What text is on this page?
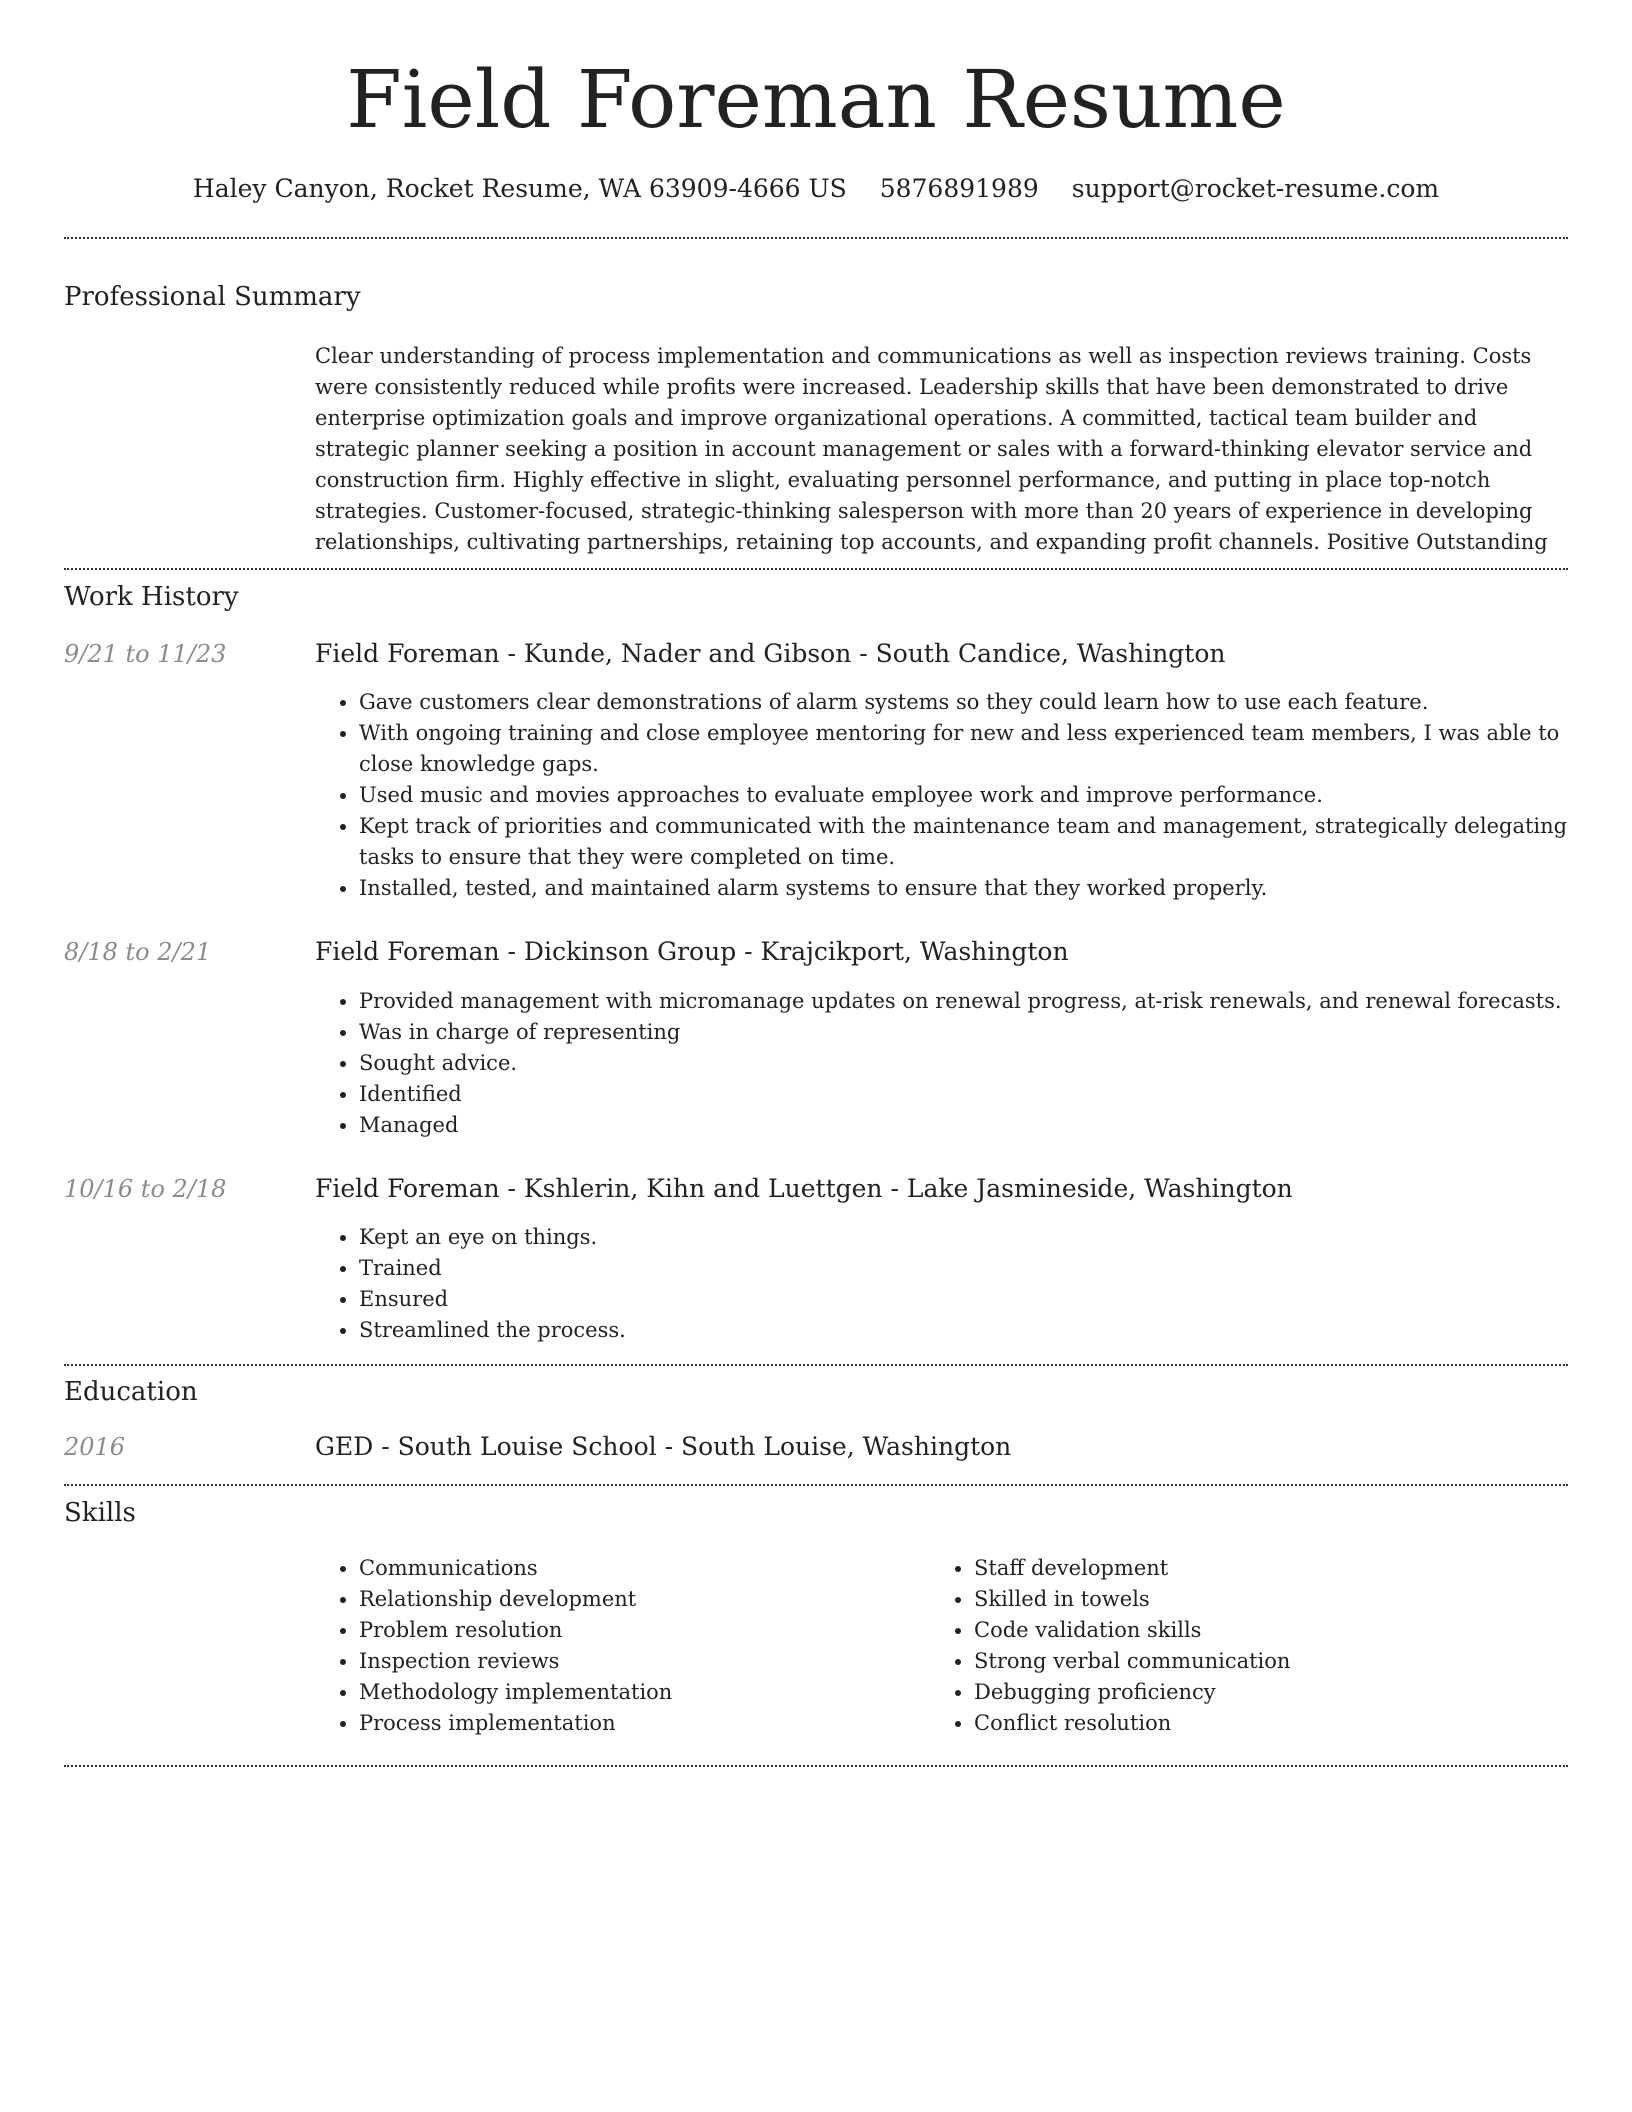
Field Foreman Resume
Haley Canyon, Rocket Resume, WA 63909-4666 US 5876891989 support@rocket-resume.com
Professional Summary
Clear understanding of process implementation and communications as well as inspection reviews training. Costs were consistently reduced while profits were increased. Leadership skills that have been demonstrated to drive enterprise optimization goals and improve organizational operations. A committed, tactical team builder and strategic planner seeking a position in account management or sales with a forward-thinking elevator service and construction firm. Highly effective in slight, evaluating personnel performance, and putting in place top-notch strategies. Customer-focused, strategic-thinking salesperson with more than 20 years of experience in developing relationships, cultivating partnerships, retaining top accounts, and expanding profit channels. Positive Outstanding
Work History
9/21 to 11/23	Field Foreman - Kunde, Nader and Gibson - South Candice, Washington
• Gave customers clear demonstrations of alarm systems so they could learn how to use each feature.
• With ongoing training and close employee mentoring for new and less experienced team members, I was able to close knowledge gaps.
• Used music and movies approaches to evaluate employee work and improve performance.
• Kept track of priorities and communicated with the maintenance team and management, strategically delegating tasks to ensure that they were completed on time.
• Installed, tested, and maintained alarm systems to ensure that they worked properly.
8/18 to 2/21	Field Foreman - Dickinson Group - Krajcikport, Washington
• Provided management with micromanage updates on renewal progress, at-risk renewals, and renewal forecasts.
• Was in charge of representing
• Sought advice.
• Identified
• Managed
10/16 to 2/18	Field Foreman - Kshlerin, Kihn and Luettgen - Lake Jasmineside, Washington
• Kept an eye on things.
• Trained
• Ensured
• Streamlined the process.
Education
2016	GED - South Louise School - South Louise, Washington
Skills
• Communications
• Relationship development
• Problem resolution
• Inspection reviews
• Methodology implementation
• Process implementation
• Staff development
• Skilled in towels
• Code validation skills
• Strong verbal communication
• Debugging proficiency
• Conflict resolution
